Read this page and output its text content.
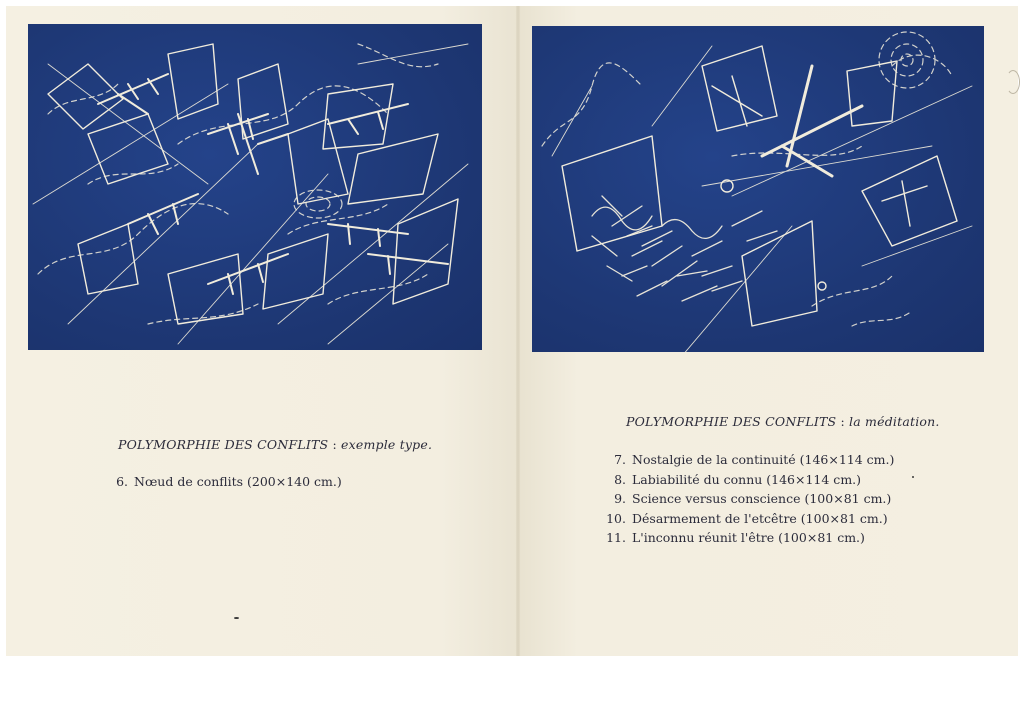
POLYMORPHIE DES CONFLITS : exemple type.
6. Nœud de conflits (200×140 cm.)
POLYMORPHIE DES CONFLITS : la méditation.
7. Nostalgie de la continuité (146×114 cm.)
8. Labiabilité du connu (146×114 cm.)
9. Science versus conscience (100×81 cm.)
10. Désarmement de l'etcêtre (100×81 cm.)
11. L'inconnu réunit l'être (100×81 cm.)
